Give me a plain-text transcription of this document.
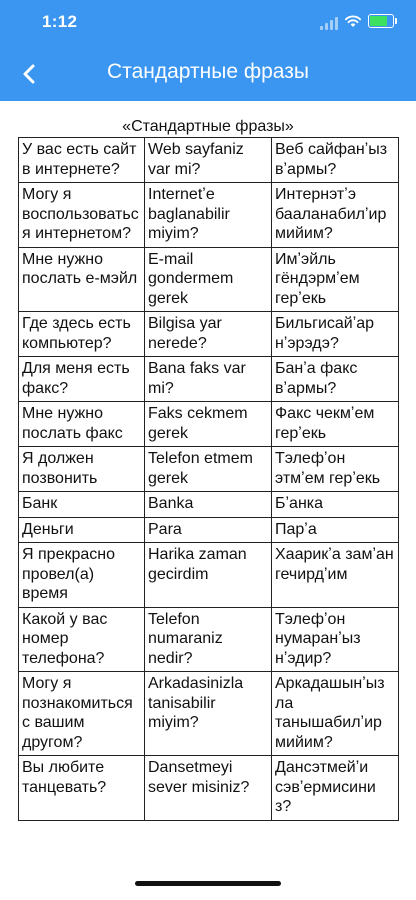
1:12
Стандартные фразы
«Стандартные фразы»
У вас есть сайт в интернете?	Web sayfaniz var mi?	Веб сайфанʼыз вʼармы?
Могу я воспользоваться интернетом?	Internetʼe baglanabilir miyim?	Интернэтʼэ бааланабилʼир мийим?
Мне нужно послать е-мэйл	E-mail gondermem gerek	Имʼэйль гёндэрмʼем герʼекь
Где здесь есть компьютер?	Bilgisa yar nerede?	Бильгисайʼар нʼэрэдэ?
Для меня есть факс?	Bana faks var mi?	Банʼа факс вʼармы?
Мне нужно послать факс	Faks cekmem gerek	Факс чекмʼем герʼекь
Я должен позвонить	Telefon etmem gerek	Тэлефʼон этмʼем герʼекь
Банк	Banka	Бʼанка
Деньги	Para	Парʼа
Я прекрасно провел(а) время	Harika zaman gecirdim	Хаарикʼа замʼан гечирдʼим
Какой у вас номер телефона?	Telefon numaraniz nedir?	Тэлефʼон нумаранʼыз нʼэдир?
Могу я познакомиться с вашим другом?	Arkadasinizla tanisabilir miyim?	Аркадашынʼыз ла танышабилʼир мийим?
Вы любите танцевать?	Dansetmeyi sever misiniz?	Дансэтмейʼи сэвʼермисини з?
